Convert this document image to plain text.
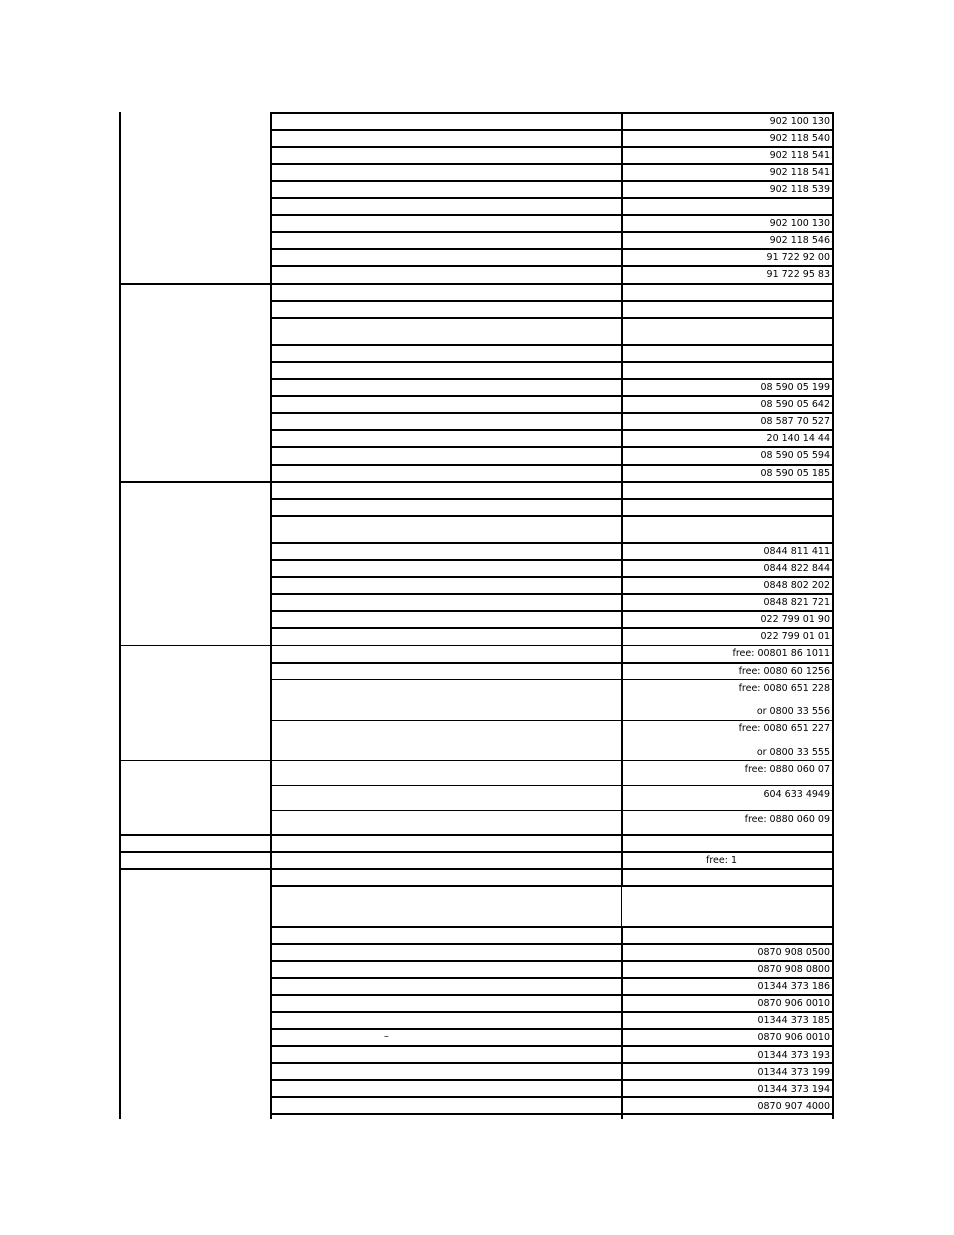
902 100 130
902 118 540
902 118 541
902 118 541
902 118 539
902 100 130
902 118 546
91 722 92 00
91 722 95 83
08 590 05 199
08 590 05 642
08 587 70 527
20 140 14 44
08 590 05 594
08 590 05 185
0844 811 411
0844 822 844
0848 802 202
0848 821 721
022 799 01 90
022 799 01 01
free: 00801 86 1011
free: 0080 60 1256
free: 0080 651 228
or 0800 33 556
free: 0080 651 227
or 0800 33 555
free: 0880 060 07
604 633 4949
free: 0880 060 09
free: 1
0870 908 0500
0870 908 0800
01344 373 186
0870 906 0010
01344 373 185
0870 906 0010
01344 373 193
01344 373 199
01344 373 194
0870 907 4000
–
